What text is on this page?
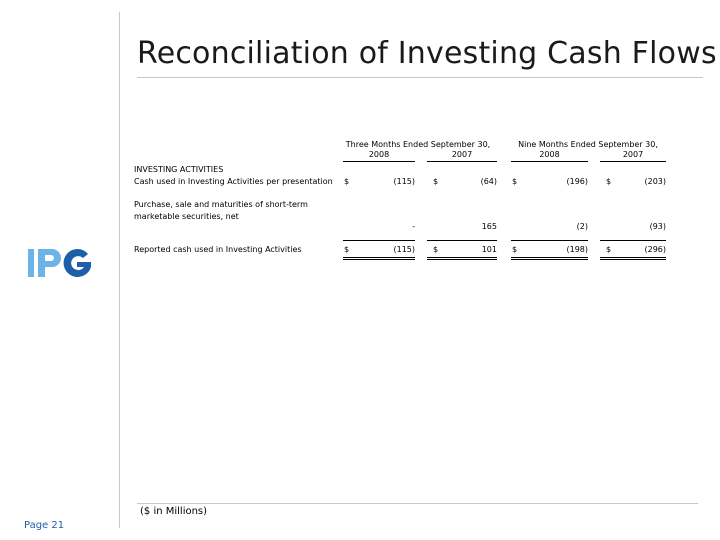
Reconciliation of Investing Cash Flows
Three Months Ended September 30,	Nine Months Ended September 30,
2008	2007	2008	2007
INVESTING ACTIVITIES
Cash used in Investing Activities per presentation $	(115) $	(64) $	(196) $	(203)
Purchase, sale and maturities of short-term
marketable securities, net
-	165	(2)	(93)
Reported cash used in Investing Activities	$	(115) $	101 $	(198) $	(296)
($ in Millions)
Page 21
